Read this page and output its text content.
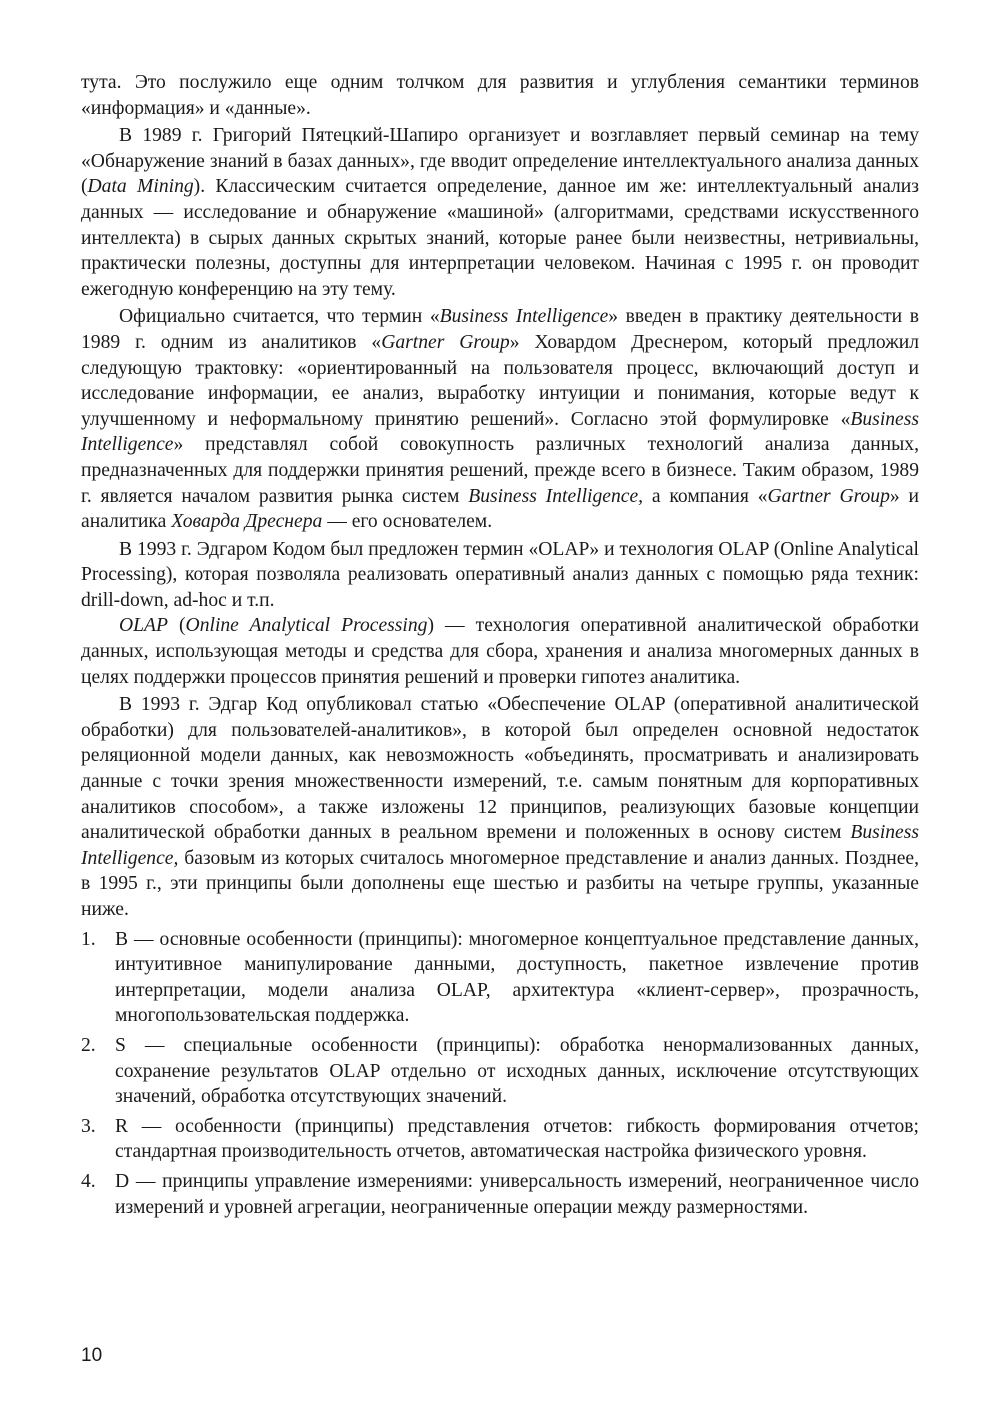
тута. Это послужило еще одним толчком для развития и углубления семантики терминов «информация» и «данные».

В 1989 г. Григорий Пятецкий-Шапиро организует и возглавляет первый семинар на тему «Обнаружение знаний в базах данных», где вводит определение интеллектуального анализа данных (Data Mining). Классическим считается определение, данное им же: интеллектуальный анализ данных — исследование и обнаружение «машиной» (алгоритмами, средствами искусственного интеллекта) в сырых данных скрытых знаний, которые ранее были неизвестны, нетривиальны, практически полезны, доступны для интерпретации человеком. Начиная с 1995 г. он проводит ежегодную конференцию на эту тему.

Официально считается, что термин «Business Intelligence» введен в практику деятельности в 1989 г. одним из аналитиков «Gartner Group» Ховардом Дреснером, который предложил следующую трактовку: «ориентированный на пользователя процесс, включающий доступ и исследование информации, ее анализ, выработку интуиции и понимания, которые ведут к улучшенному и неформальному принятию решений». Согласно этой формулировке «Business Intelligence» представлял собой совокупность различных технологий анализа данных, предназначенных для поддержки принятия решений, прежде всего в бизнесе. Таким образом, 1989 г. является началом развития рынка систем Business Intelligence, а компания «Gartner Group» и аналитика Ховарда Дреснера — его основателем.

В 1993 г. Эдгаром Кодом был предложен термин «OLAP» и технология OLAP (Online Analytical Processing), которая позволяла реализовать оперативный анализ данных с помощью ряда техник: drill-down, ad-hoc и т.п.

OLAP (Online Analytical Processing) — технология оперативной аналитической обработки данных, использующая методы и средства для сбора, хранения и анализа многомерных данных в целях поддержки процессов принятия решений и проверки гипотез аналитика.

В 1993 г. Эдгар Код опубликовал статью «Обеспечение OLAP (оперативной аналитической обработки) для пользователей-аналитиков», в которой был определен основной недостаток реляционной модели данных, как невозможность «объединять, просматривать и анализировать данные с точки зрения множественности измерений, т.е. самым понятным для корпоративных аналитиков способом», а также изложены 12 принципов, реализующих базовые концепции аналитической обработки данных в реальном времени и положенных в основу систем Business Intelligence, базовым из которых считалось многомерное представление и анализ данных. Позднее, в 1995 г., эти принципы были дополнены еще шестью и разбиты на четыре группы, указанные ниже.

1. B — основные особенности (принципы): многомерное концептуальное представление данных, интуитивное манипулирование данными, доступность, пакетное извлечение против интерпретации, модели анализа OLAP, архитектура «клиент-сервер», прозрачность, многопользовательская поддержка.
2. S — специальные особенности (принципы): обработка ненормализованных данных, сохранение результатов OLAP отдельно от исходных данных, исключение отсутствующих значений, обработка отсутствующих значений.
3. R — особенности (принципы) представления отчетов: гибкость формирования отчетов; стандартная производительность отчетов, автоматическая настройка физического уровня.
4. D — принципы управление измерениями: универсальность измерений, неограниченное число измерений и уровней агрегации, неограниченные операции между размерностями.
10
